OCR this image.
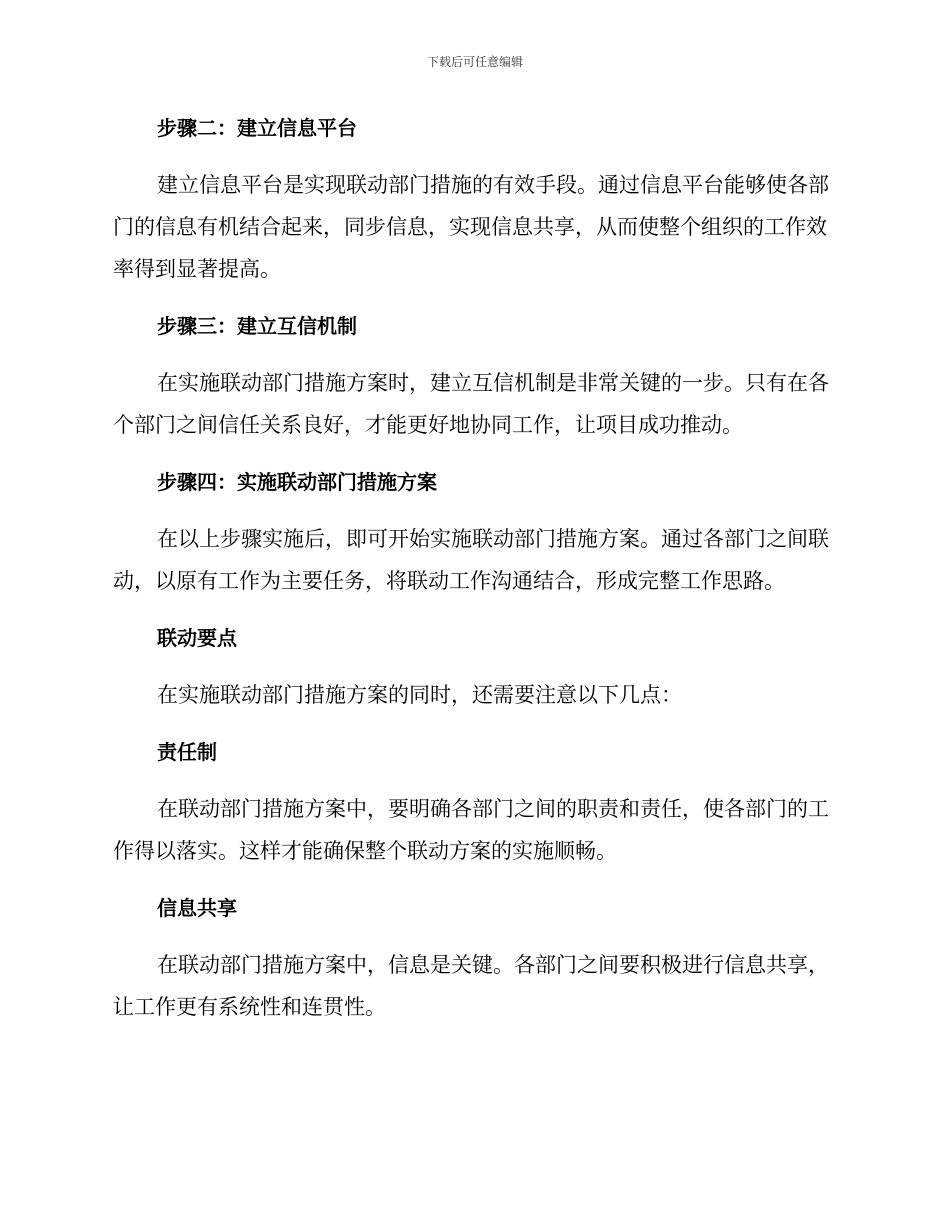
下载后可任意编辑

步骤二：建立信息平台

建立信息平台是实现联动部门措施的有效手段。通过信息平台能够使各部门的信息有机结合起来，同步信息，实现信息共享，从而使整个组织的工作效率得到显著提高。

步骤三：建立互信机制

在实施联动部门措施方案时，建立互信机制是非常关键的一步。只有在各个部门之间信任关系良好，才能更好地协同工作，让项目成功推动。

步骤四：实施联动部门措施方案

在以上步骤实施后，即可开始实施联动部门措施方案。通过各部门之间联动，以原有工作为主要任务，将联动工作沟通结合，形成完整工作思路。

联动要点

在实施联动部门措施方案的同时，还需要注意以下几点：

责任制

在联动部门措施方案中，要明确各部门之间的职责和责任，使各部门的工作得以落实。这样才能确保整个联动方案的实施顺畅。

信息共享

在联动部门措施方案中，信息是关键。各部门之间要积极进行信息共享，让工作更有系统性和连贯性。
